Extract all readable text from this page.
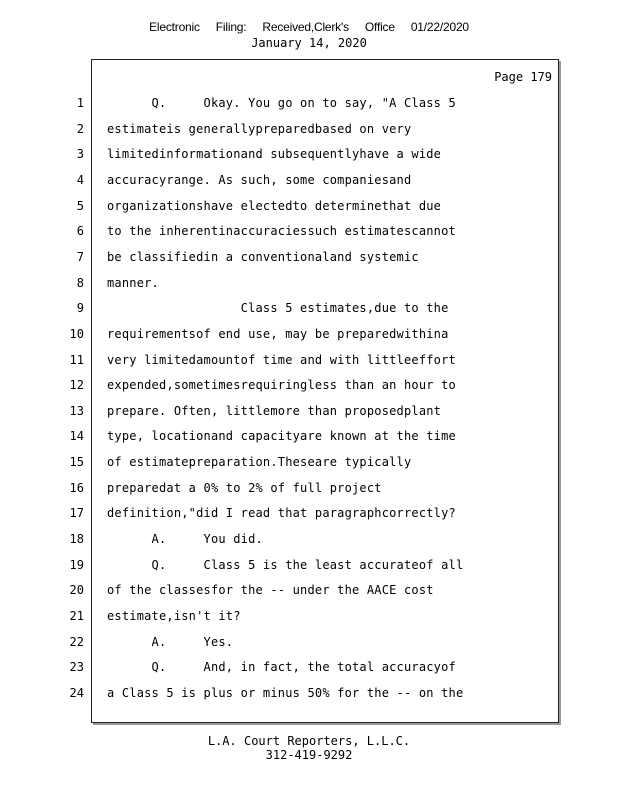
Electronic Filing: Received,Clerk's Office 01/22/2020
January 14, 2020
Page 179
1 Q.     Okay. You go on to say, "A Class 5
2 estimateis generallypreparedbased on very
3 limitedinformationand subsequentlyhave a wide
4 accuracyrange. As such, some companiesand
5 organizationshave electedto determinethat due
6 to the inherentinaccuraciessuch estimatescannot
7 be classifiedin a conventionaland systemic
8 manner.
9 Class 5 estimates,due to the
10 requirementsof end use, may be preparedwithina
11 very limitedamountof time and with littleeffort
12 expended,sometimesrequiringless than an hour to
13 prepare. Often, littlemore than proposedplant
14 type, locationand capacityare known at the time
15 of estimatepreparation.Theseare typically
16 preparedat a 0% to 2% of full project
17 definition,"did I read that paragraphcorrectly?
18 A.     You did.
19 Q.     Class 5 is the least accurateof all
20 of the classesfor the -- under the AACE cost
21 estimate,isn't it?
22 A.     Yes.
23 Q.     And, in fact, the total accuracyof
24 a Class 5 is plus or minus 50% for the -- on the
L.A. Court Reporters, L.L.C.
312-419-9292
